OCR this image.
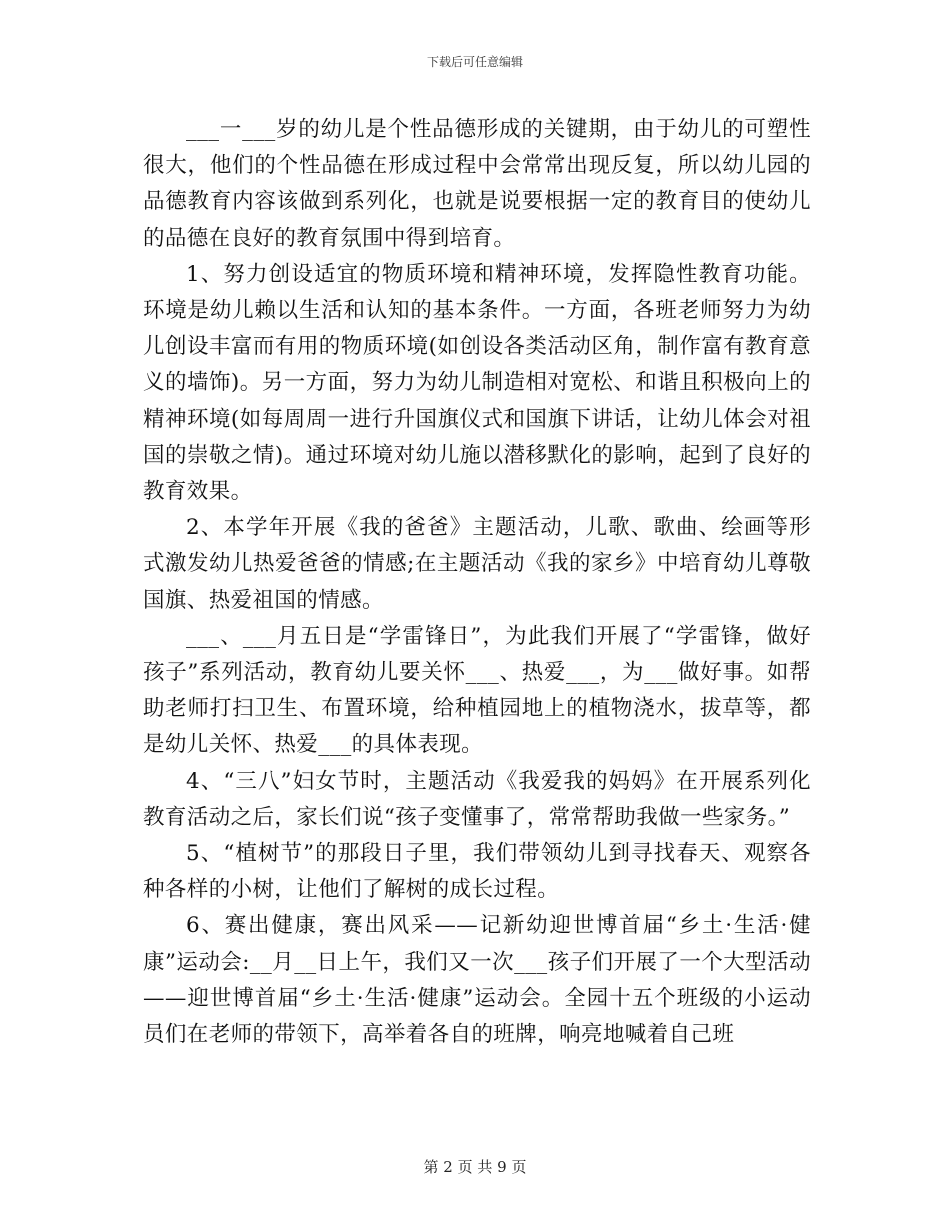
下载后可任意编辑

___一___岁的幼儿是个性品德形成的关键期，由于幼儿的可塑性很大，他们的个性品德在形成过程中会常常出现反复，所以幼儿园的品德教育内容该做到系列化，也就是说要根据一定的教育目的使幼儿的品德在良好的教育氛围中得到培育。

1、努力创设适宜的物质环境和精神环境，发挥隐性教育功能。环境是幼儿赖以生活和认知的基本条件。一方面，各班老师努力为幼儿创设丰富而有用的物质环境(如创设各类活动区角，制作富有教育意义的墙饰)。另一方面，努力为幼儿制造相对宽松、和谐且积极向上的精神环境(如每周周一进行升国旗仪式和国旗下讲话，让幼儿体会对祖国的崇敬之情)。通过环境对幼儿施以潜移默化的影响，起到了良好的教育效果。

2、本学年开展《我的爸爸》主题活动，儿歌、歌曲、绘画等形式激发幼儿热爱爸爸的情感;在主题活动《我的家乡》中培育幼儿尊敬国旗、热爱祖国的情感。

___、___月五日是“学雷锋日”，为此我们开展了“学雷锋，做好孩子”系列活动，教育幼儿要关怀___、热爱___，为___做好事。如帮助老师打扫卫生、布置环境，给种植园地上的植物浇水，拔草等，都是幼儿关怀、热爱___的具体表现。

4、“三八”妇女节时，主题活动《我爱我的妈妈》在开展系列化教育活动之后，家长们说“孩子变懂事了，常常帮助我做一些家务。”

5、“植树节”的那段日子里，我们带领幼儿到寻找春天、观察各种各样的小树，让他们了解树的成长过程。

6、赛出健康，赛出风采——记新幼迎世博首届“乡土·生活·健康”运动会:__月__日上午，我们又一次___孩子们开展了一个大型活动——迎世博首届“乡土·生活·健康”运动会。全园十五个班级的小运动员们在老师的带领下，高举着各自的班牌，响亮地喊着自己班

第 2 页 共 9 页
